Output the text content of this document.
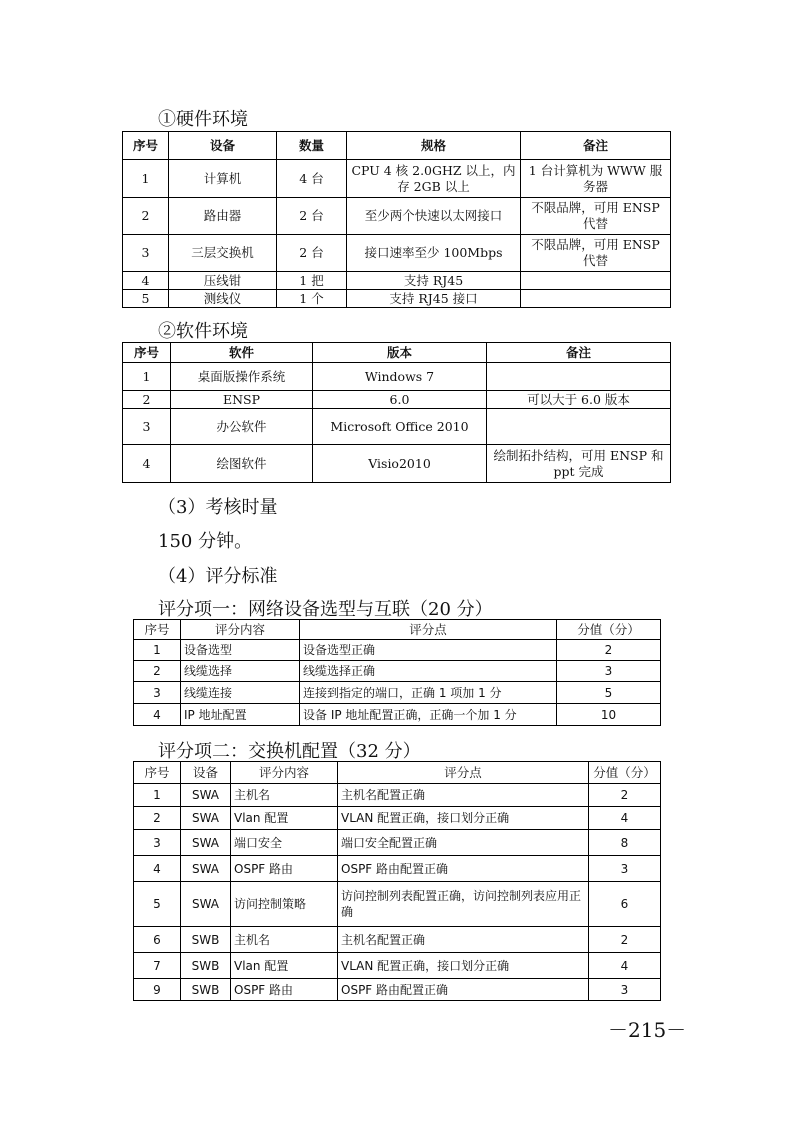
①硬件环境
序号	设备	数量	规格	备注
1	计算机	4 台	CPU 4 核 2.0GHZ 以上，内存 2GB 以上	1 台计算机为 WWW 服务器
2	路由器	2 台	至少两个快速以太网接口	不限品牌，可用 ENSP 代替
3	三层交换机	2 台	接口速率至少 100Mbps	不限品牌，可用 ENSP 代替
4	压线钳	1 把	支持 RJ45	
5	测线仪	1 个	支持 RJ45 接口	
②软件环境
序号	软件	版本	备注
1	桌面版操作系统	Windows 7	
2	ENSP	6.0	可以大于 6.0 版本
3	办公软件	Microsoft Office 2010	
4	绘图软件	Visio2010	绘制拓扑结构，可用 ENSP 和 ppt 完成
（3）考核时量
150 分钟。
（4）评分标准
评分项一：网络设备选型与互联（20 分）
序号	评分内容	评分点	分值（分）
1	设备选型	设备选型正确	2
2	线缆选择	线缆选择正确	3
3	线缆连接	连接到指定的端口，正确 1 项加 1 分	5
4	IP 地址配置	设备 IP 地址配置正确，正确一个加 1 分	10
评分项二：交换机配置（32 分）
序号	设备	评分内容	评分点	分值（分）
1	SWA	主机名	主机名配置正确	2
2	SWA	Vlan 配置	VLAN 配置正确，接口划分正确	4
3	SWA	端口安全	端口安全配置正确	8
4	SWA	OSPF 路由	OSPF 路由配置正确	3
5	SWA	访问控制策略	访问控制列表配置正确，访问控制列表应用正确	6
6	SWB	主机名	主机名配置正确	2
7	SWB	Vlan 配置	VLAN 配置正确，接口划分正确	4
9	SWB	OSPF 路由	OSPF 路由配置正确	3
－215－
